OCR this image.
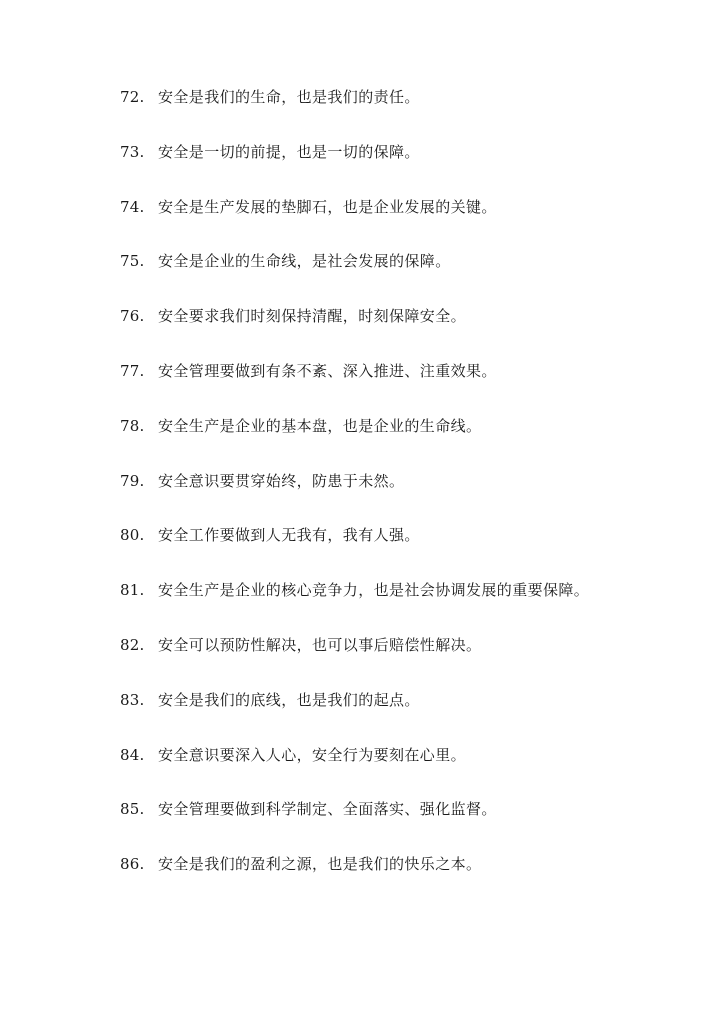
72. 安全是我们的生命，也是我们的责任。
73. 安全是一切的前提，也是一切的保障。
74. 安全是生产发展的垫脚石，也是企业发展的关键。
75. 安全是企业的生命线，是社会发展的保障。
76. 安全要求我们时刻保持清醒，时刻保障安全。
77. 安全管理要做到有条不紊、深入推进、注重效果。
78. 安全生产是企业的基本盘，也是企业的生命线。
79. 安全意识要贯穿始终，防患于未然。
80. 安全工作要做到人无我有，我有人强。
81. 安全生产是企业的核心竞争力，也是社会协调发展的重要保障。
82. 安全可以预防性解决，也可以事后赔偿性解决。
83. 安全是我们的底线，也是我们的起点。
84. 安全意识要深入人心，安全行为要刻在心里。
85. 安全管理要做到科学制定、全面落实、强化监督。
86. 安全是我们的盈利之源，也是我们的快乐之本。
